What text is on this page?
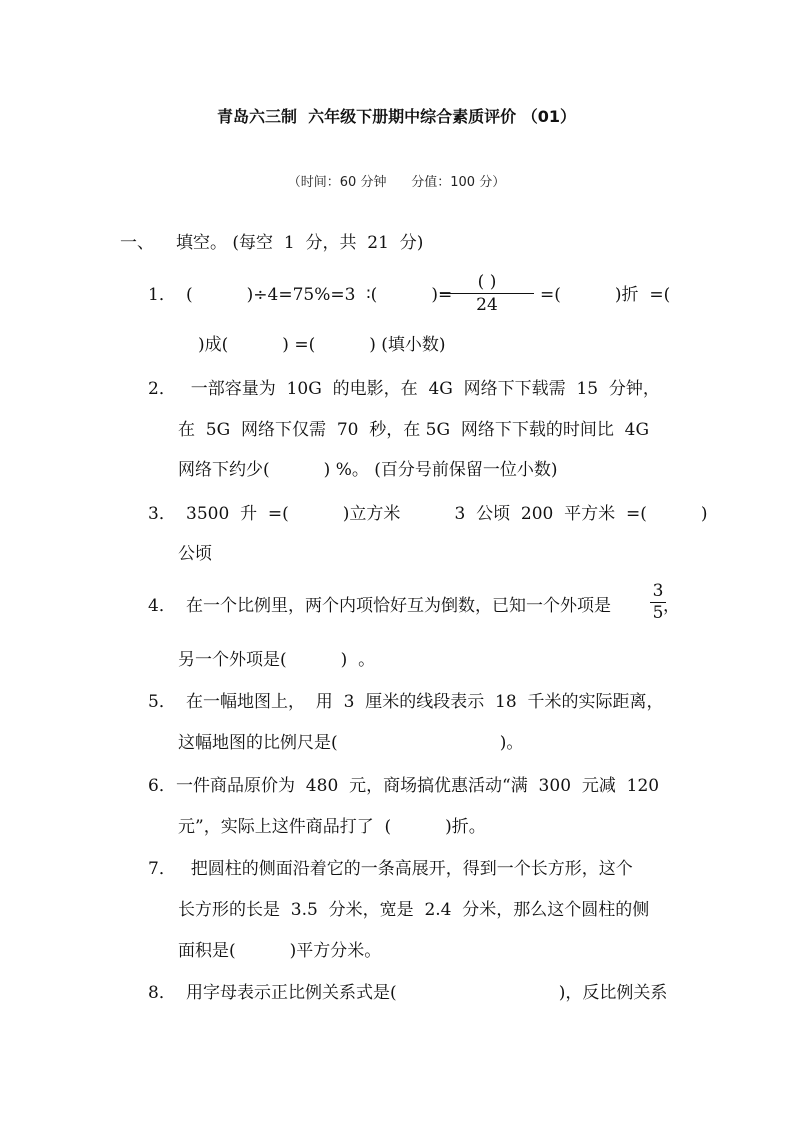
青岛六三制  六年级下册期中综合素质评价 （01）
（时间：60 分钟      分值：100 分）
一、 填空。 (每空  1  分，共  21  分)
1． (          )÷4=75%=3  ∶(          )=
( )
24	=(          )折  =(
)成(          ) =(          ) (填小数)
2． 一部容量为  10G  的电影，在  4G  网络下下载需  15  分钟，
在  5G  网络下仅需  70  秒，在 5G  网络下下载的时间比  4G
网络下约少(          ) %。 (百分号前保留一位小数)
3． 3500  升  =(          )立方米          3  公顷  200  平方米  =(          )
公顷
4． 在一个比例里，两个内项恰好互为倒数，已知一个外项是
3
5 ，
另一个外项是(          )  。
5． 在一幅地图上，  用  3  厘米的线段表示  18  千米的实际距离，
这幅地图的比例尺是(                              )。
6． 一件商品原价为  480  元，商场搞优惠活动“满  300  元减  120
元”，实际上这件商品打了  (          )折。
7． 把圆柱的侧面沿着它的一条高展开，得到一个长方形，这个
长方形的长是  3.5  分米，宽是  2.4  分米，那么这个圆柱的侧
面积是(          )平方分米。
8． 用字母表示正比例关系式是(                              )，反比例关系
